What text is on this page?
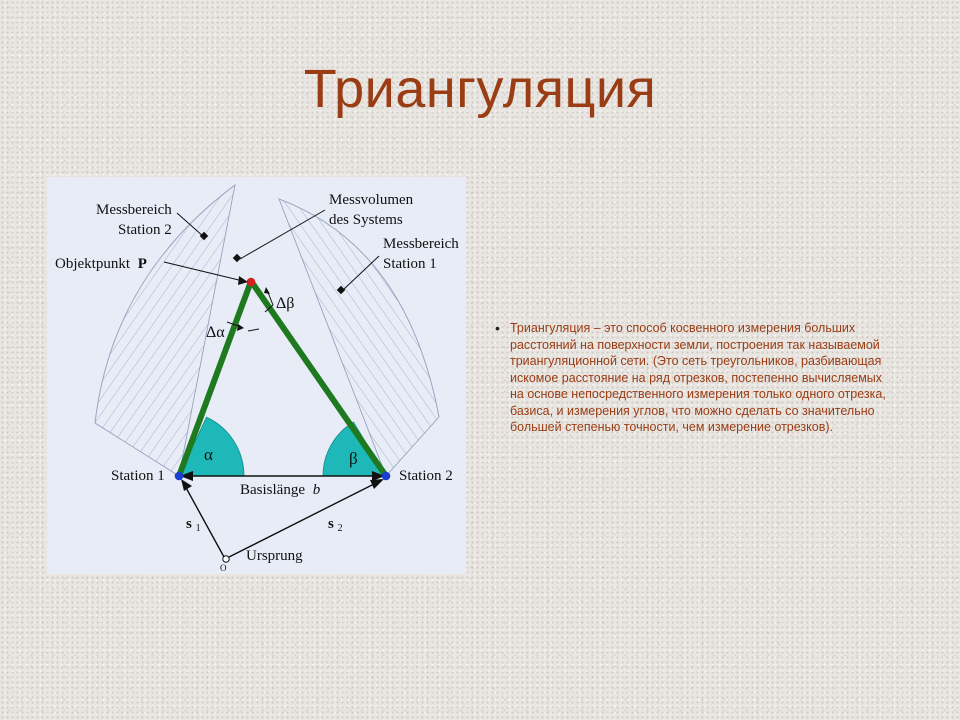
Триангуляция
Messbereich
Station 2
Messvolumen
des Systems
Messbereich
Station 1
Objektpunkt P
Δβ
Δα
α	β
Station 1	Station 2
Basislänge b
s $_1$	s $_2$
Ursprung
O
• Триангуляция – это способ косвенного измерения больших расстояний на поверхности земли, построения так называемой триангуляционной сети. (Это сеть треугольников, разбивающая искомое расстояние на ряд отрезков, постепенно вычисляемых на основе непосредственного измерения только одного отрезка, базиса, и измерения углов, что можно сделать со значительно большей степенью точности, чем измерение отрезков).
